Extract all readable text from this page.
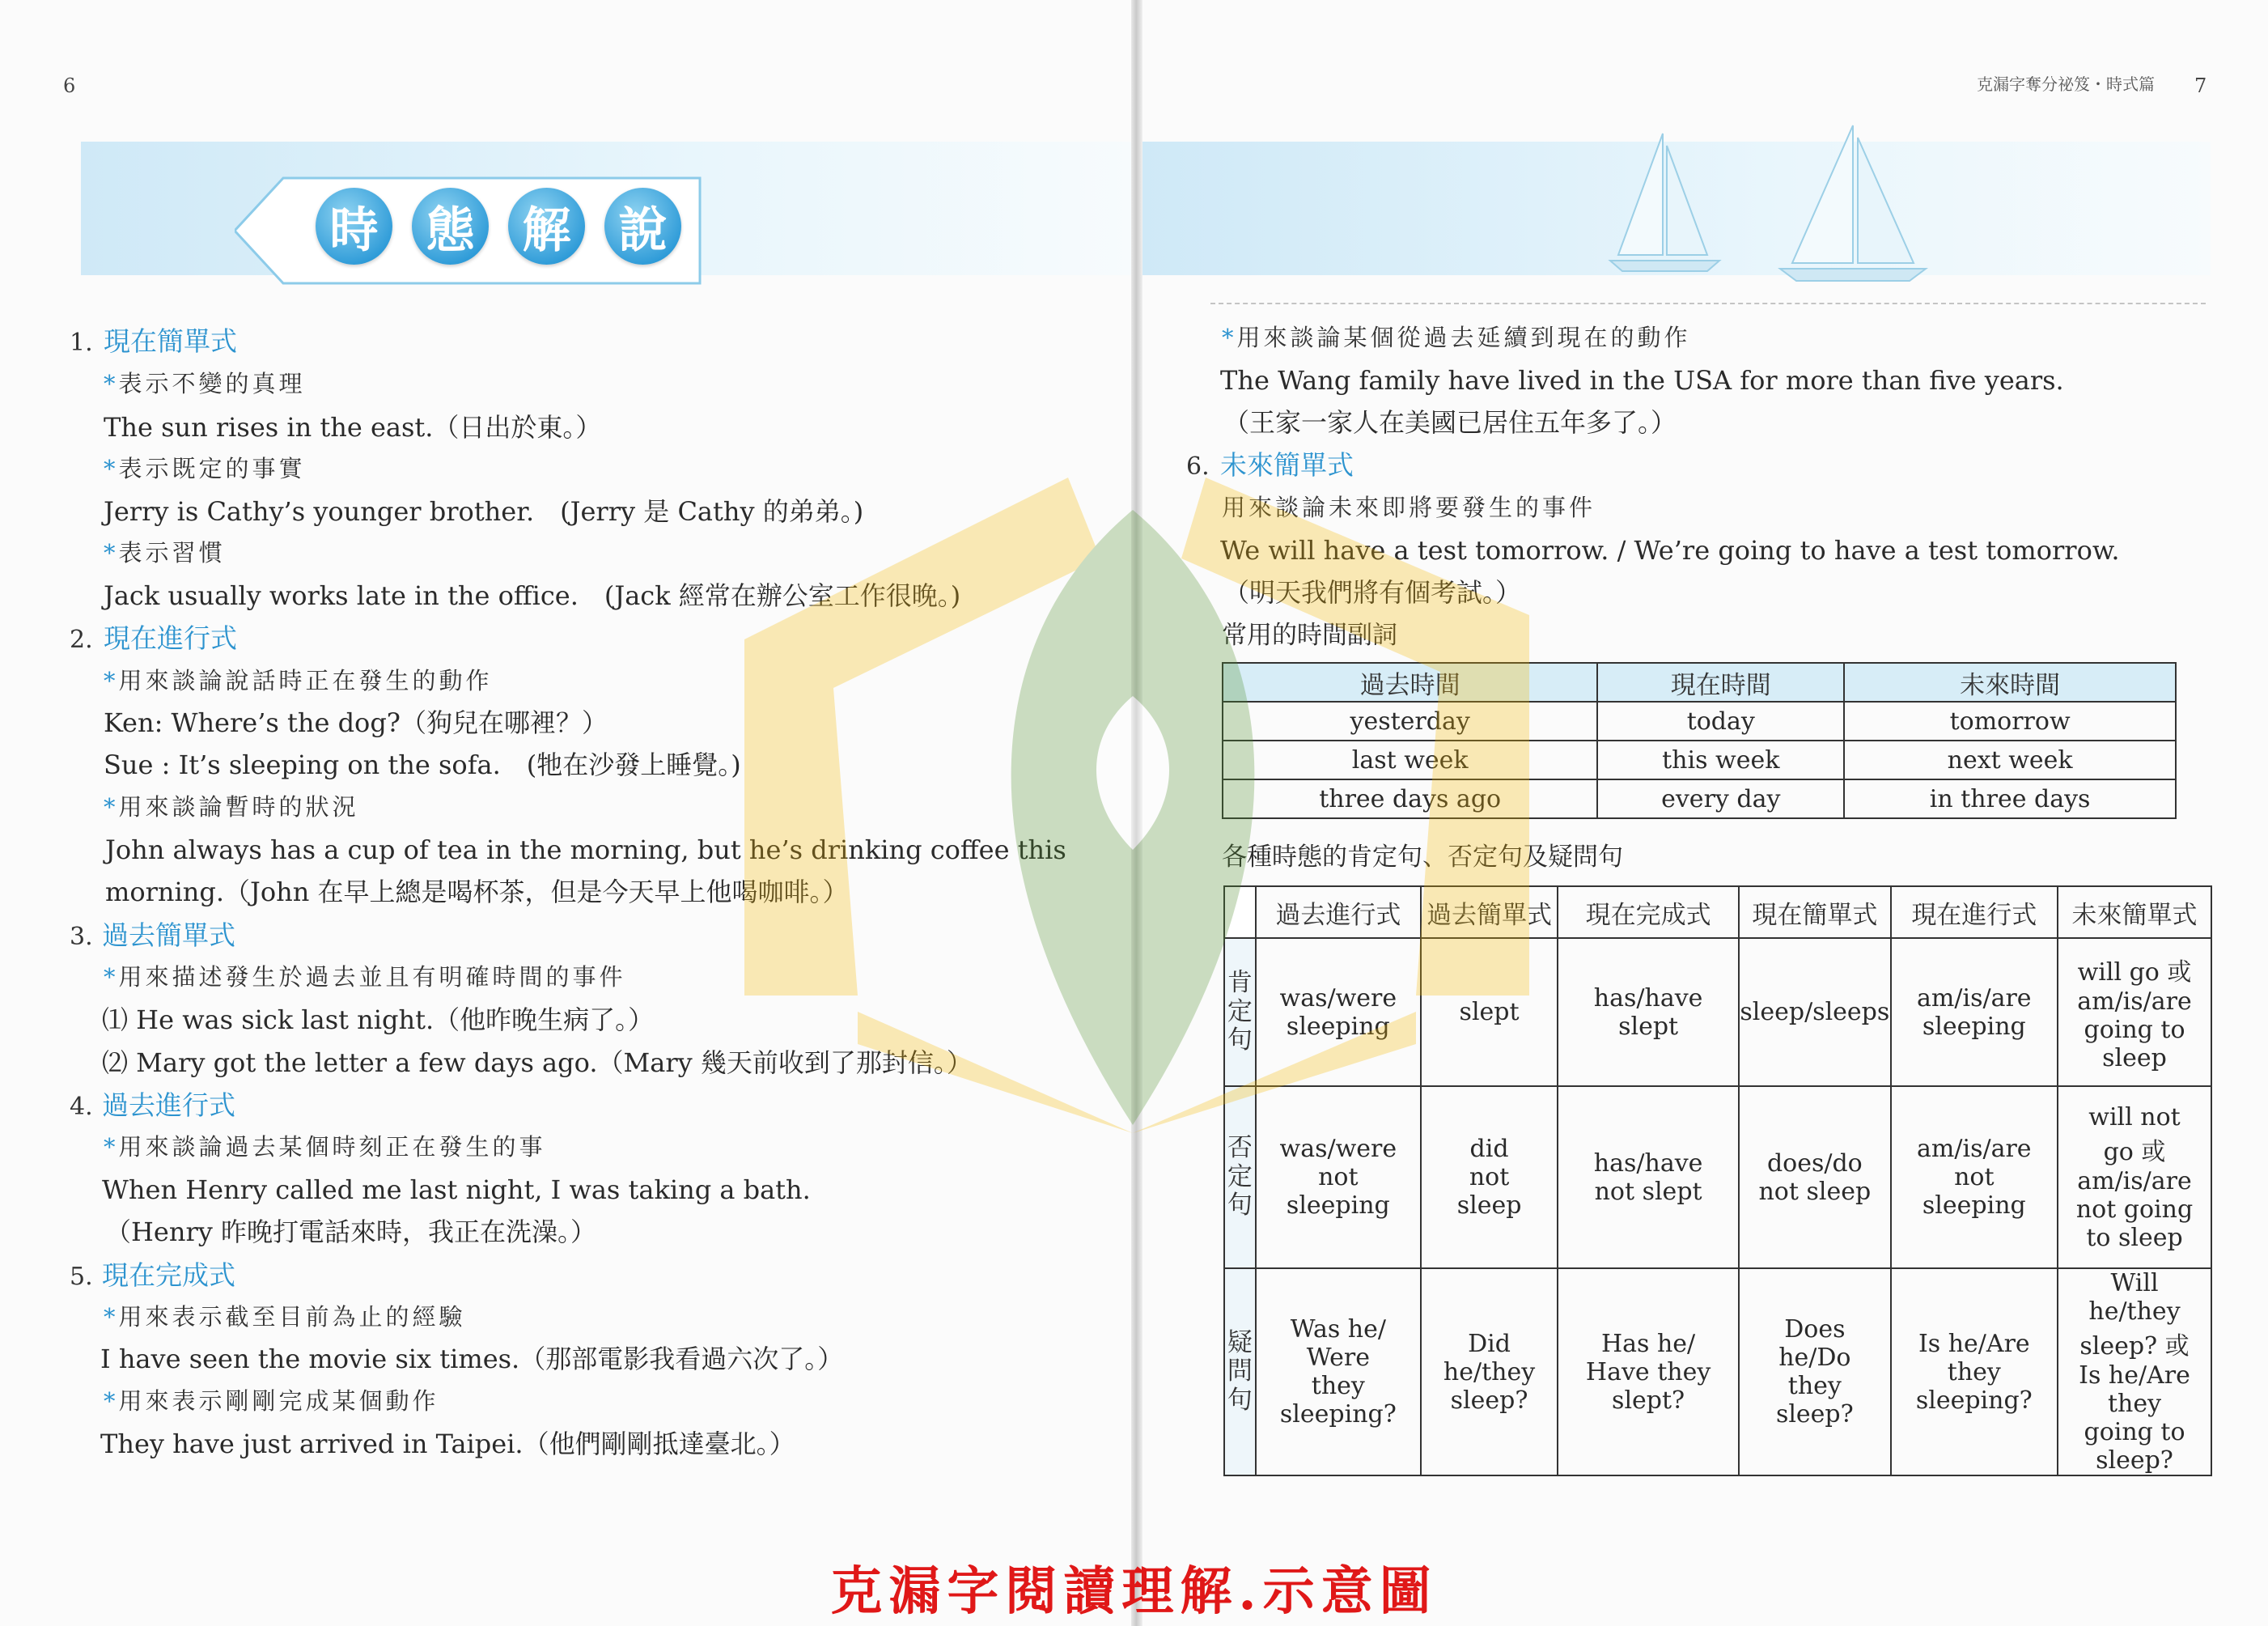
6
時 態 解 說
1. 現在簡單式
*表示不變的真理
The sun rises in the east.（日出於東。）
*表示既定的事實
Jerry is Cathy’s younger brother.　(Jerry 是 Cathy 的弟弟。)
*表示習慣
Jack usually works late in the office.　(Jack 經常在辦公室工作很晚。)
2. 現在進行式
*用來談論說話時正在發生的動作
Ken: Where’s the dog?（狗兒在哪裡？）
Sue : It’s sleeping on the sofa.　(牠在沙發上睡覺。)
*用來談論暫時的狀況
John always has a cup of tea in the morning, but he’s drinking coffee this
morning.（John 在早上總是喝杯茶，但是今天早上他喝咖啡。）
3. 過去簡單式
*用來描述發生於過去並且有明確時間的事件
⑴ He was sick last night.（他昨晚生病了。）
⑵ Mary got the letter a few days ago.（Mary 幾天前收到了那封信。）
4. 過去進行式
*用來談論過去某個時刻正在發生的事
When Henry called me last night, I was taking a bath.
（Henry 昨晚打電話來時，我正在洗澡。）
5. 現在完成式
*用來表示截至目前為止的經驗
I have seen the movie six times.（那部電影我看過六次了。）
*用來表示剛剛完成某個動作
They have just arrived in Taipei.（他們剛剛抵達臺北。）
克漏字奪分祕笈・時式篇 7
*用來談論某個從過去延續到現在的動作
The Wang family have lived in the USA for more than five years.
（王家一家人在美國已居住五年多了。）
6. 未來簡單式
用來談論未來即將要發生的事件
We will have a test tomorrow. / We’re going to have a test tomorrow.
（明天我們將有個考試。）
常用的時間副詞
過去時間	現在時間	未來時間
yesterday	today	tomorrow
last week	this week	next week
three days ago	every day	in three days
各種時態的肯定句、否定句及疑問句
	過去進行式	過去簡單式	現在完成式	現在簡單式	現在進行式	未來簡單式
肯定句	was/were sleeping	slept	has/have slept	sleep/sleeps	am/is/are sleeping	will go 或 am/is/are going to sleep
否定句	was/were not sleeping	did not sleep	has/have not slept	does/do not sleep	am/is/are not sleeping	will not go 或 am/is/are not going to sleep
疑問句	Was he/ Were they sleeping?	Did he/they sleep?	Has he/ Have they slept?	Does he/Do they sleep?	Is he/Are they sleeping?	Will he/they sleep? 或 Is he/Are they going to sleep?
克漏字閱讀理解.示意圖
